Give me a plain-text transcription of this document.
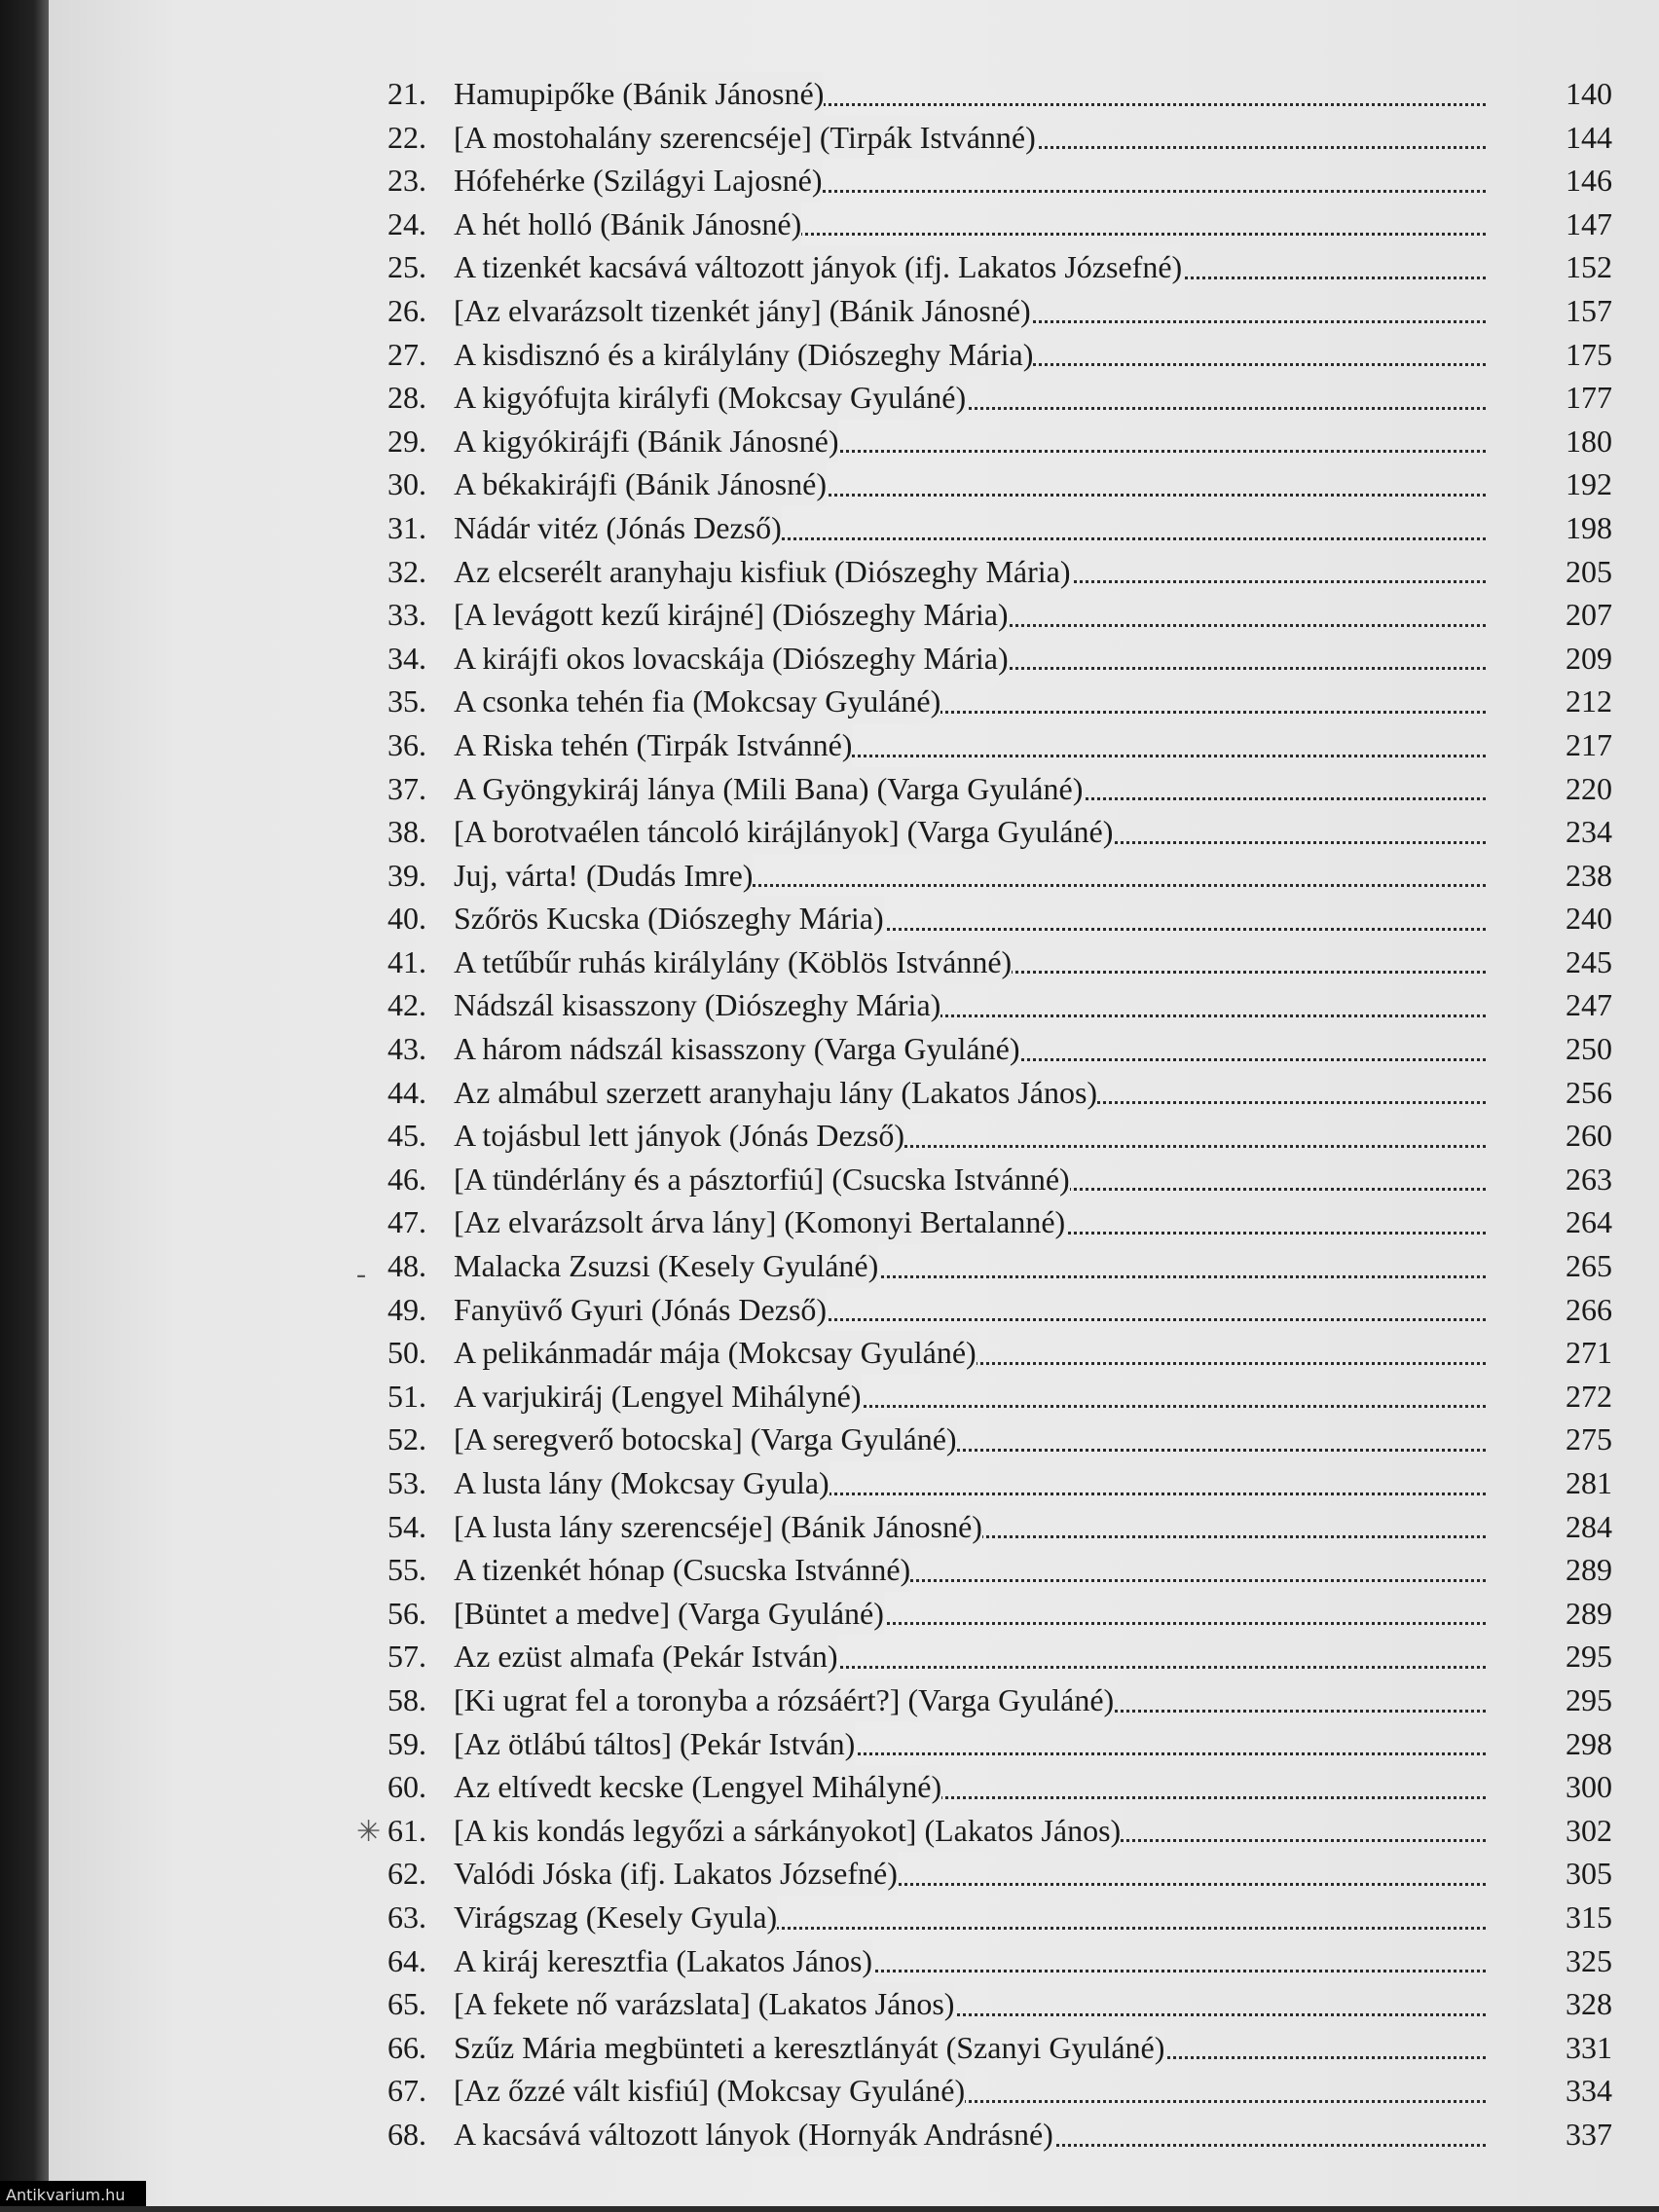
21. Hamupipőke (Bánik Jánosné)	140
22. [A mostohalány szerencséje] (Tirpák Istvánné)	144
23. Hófehérke (Szilágyi Lajosné)	146
24. A hét holló (Bánik Jánosné)	147
25. A tizenkét kacsává változott jányok (ifj. Lakatos Józsefné)	152
26. [Az elvarázsolt tizenkét jány] (Bánik Jánosné)	157
27. A kisdisznó és a királylány (Diószeghy Mária)	175
28. A kigyófujta királyfi (Mokcsay Gyuláné)	177
29. A kigyókirájfi (Bánik Jánosné)	180
30. A békakirájfi (Bánik Jánosné)	192
31. Nádár vitéz (Jónás Dezső)	198
32. Az elcserélt aranyhaju kisfiuk (Diószeghy Mária)	205
33. [A levágott kezű kirájné] (Diószeghy Mária)	207
34. A kirájfi okos lovacskája (Diószeghy Mária)	209
35. A csonka tehén fia (Mokcsay Gyuláné)	212
36. A Riska tehén (Tirpák Istvánné)	217
37. A Gyöngykiráj lánya (Mili Bana) (Varga Gyuláné)	220
38. [A borotvaélen táncoló kirájlányok] (Varga Gyuláné)	234
39. Juj, várta! (Dudás Imre)	238
40. Szőrös Kucska (Diószeghy Mária)	240
41. A tetűbűr ruhás királylány (Köblös Istvánné)	245
42. Nádszál kisasszony (Diószeghy Mária)	247
43. A három nádszál kisasszony (Varga Gyuláné)	250
44. Az almábul szerzett aranyhaju lány (Lakatos János)	256
45. A tojásbul lett jányok (Jónás Dezső)	260
46. [A tündérlány és a pásztorfiú] (Csucska Istvánné)	263
47. [Az elvarázsolt árva lány] (Komonyi Bertalanné)	264
48. Malacka Zsuzsi (Kesely Gyuláné)	265
49. Fanyüvő Gyuri (Jónás Dezső)	266
50. A pelikánmadár mája (Mokcsay Gyuláné)	271
51. A varjukiráj (Lengyel Mihályné)	272
52. [A seregverő botocska] (Varga Gyuláné)	275
53. A lusta lány (Mokcsay Gyula)	281
54. [A lusta lány szerencséje] (Bánik Jánosné)	284
55. A tizenkét hónap (Csucska Istvánné)	289
56. [Büntet a medve] (Varga Gyuláné)	289
57. Az ezüst almafa (Pekár István)	295
58. [Ki ugrat fel a toronyba a rózsáért?] (Varga Gyuláné)	295
59. [Az ötlábú táltos] (Pekár István)	298
60. Az eltívedt kecske (Lengyel Mihályné)	300
61. [A kis kondás legyőzi a sárkányokot] (Lakatos János)	302
62. Valódi Jóska (ifj. Lakatos Józsefné)	305
63. Virágszag (Kesely Gyula)	315
64. A kiráj keresztfia (Lakatos János)	325
65. [A fekete nő varázslata] (Lakatos János)	328
66. Szűz Mária megbünteti a keresztlányát (Szanyi Gyuláné)	331
67. [Az őzzé vált kisfiú] (Mokcsay Gyuláné)	334
68. A kacsává változott lányok (Hornyák Andrásné)	337
‐
✳
Antikvarium.hu
